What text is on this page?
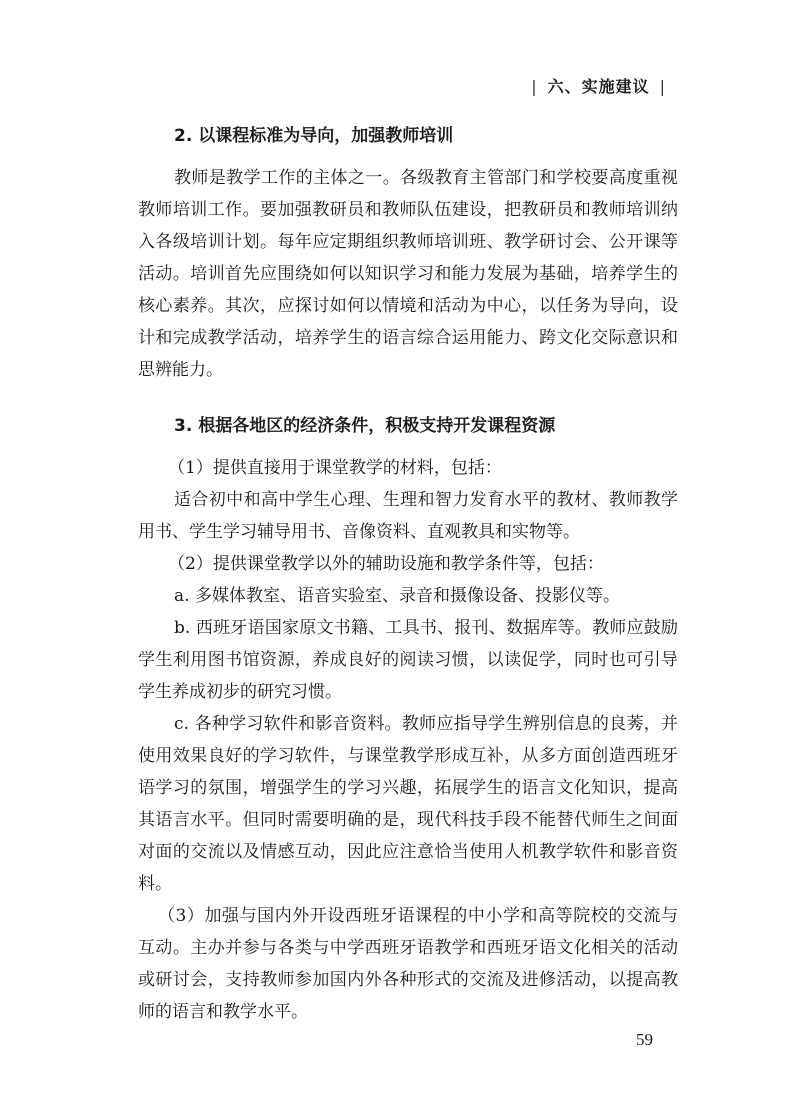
| 六、实施建议 |
2. 以课程标准为导向，加强教师培训

教师是教学工作的主体之一。各级教育主管部门和学校要高度重视教师培训工作。要加强教研员和教师队伍建设，把教研员和教师培训纳入各级培训计划。每年应定期组织教师培训班、教学研讨会、公开课等活动。培训首先应围绕如何以知识学习和能力发展为基础，培养学生的核心素养。其次，应探讨如何以情境和活动为中心，以任务为导向，设计和完成教学活动，培养学生的语言综合运用能力、跨文化交际意识和思辨能力。

3. 根据各地区的经济条件，积极支持开发课程资源

（1）提供直接用于课堂教学的材料，包括：

适合初中和高中学生心理、生理和智力发育水平的教材、教师教学用书、学生学习辅导用书、音像资料、直观教具和实物等。

（2）提供课堂教学以外的辅助设施和教学条件等，包括：

a. 多媒体教室、语音实验室、录音和摄像设备、投影仪等。

b. 西班牙语国家原文书籍、工具书、报刊、数据库等。教师应鼓励学生利用图书馆资源，养成良好的阅读习惯，以读促学，同时也可引导学生养成初步的研究习惯。

c. 各种学习软件和影音资料。教师应指导学生辨别信息的良莠，并使用效果良好的学习软件，与课堂教学形成互补，从多方面创造西班牙语学习的氛围，增强学生的学习兴趣，拓展学生的语言文化知识，提高其语言水平。但同时需要明确的是，现代科技手段不能替代师生之间面对面的交流以及情感互动，因此应注意恰当使用人机教学软件和影音资料。

（3）加强与国内外开设西班牙语课程的中小学和高等院校的交流与互动。主办并参与各类与中学西班牙语教学和西班牙语文化相关的活动或研讨会，支持教师参加国内外各种形式的交流及进修活动，以提高教师的语言和教学水平。

59
